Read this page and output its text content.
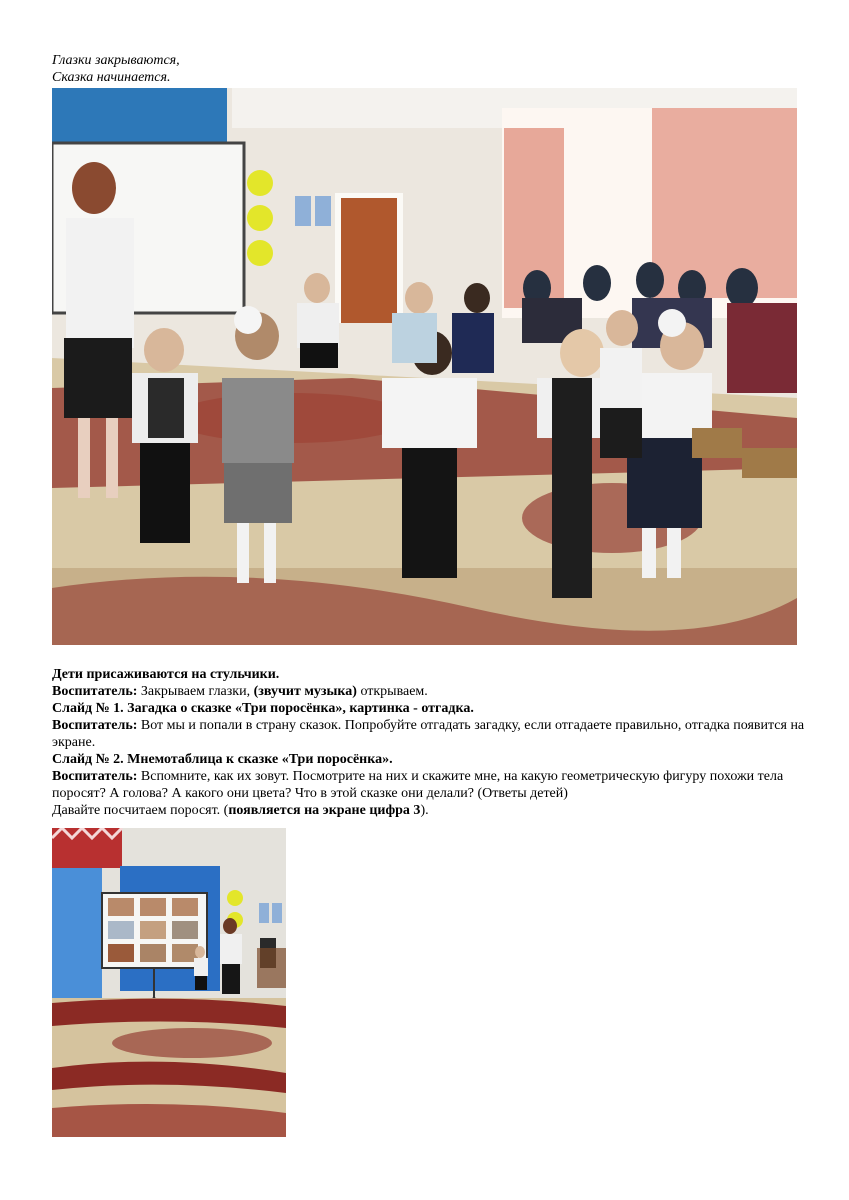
Глазки закрываются,
Сказка начинается.

Дети присаживаются на стульчики.

Воспитатель: Закрываем глазки, (звучит музыка) открываем.

Слайд № 1. Загадка о сказке «Три поросёнка», картинка - отгадка.

Воспитатель: Вот мы и попали в страну сказок. Попробуйте отгадать загадку, если отгадаете правильно, отгадка появится на экране.

Слайд № 2. Мнемотаблица к сказке «Три поросёнка».

Воспитатель: Вспомните, как их зовут. Посмотрите на них и скажите мне, на какую геометрическую фигуру похожи тела поросят? А голова? А какого они цвета? Что в этой сказке они делали? (Ответы детей)

Давайте посчитаем поросят. (появляется на экране цифра 3).
